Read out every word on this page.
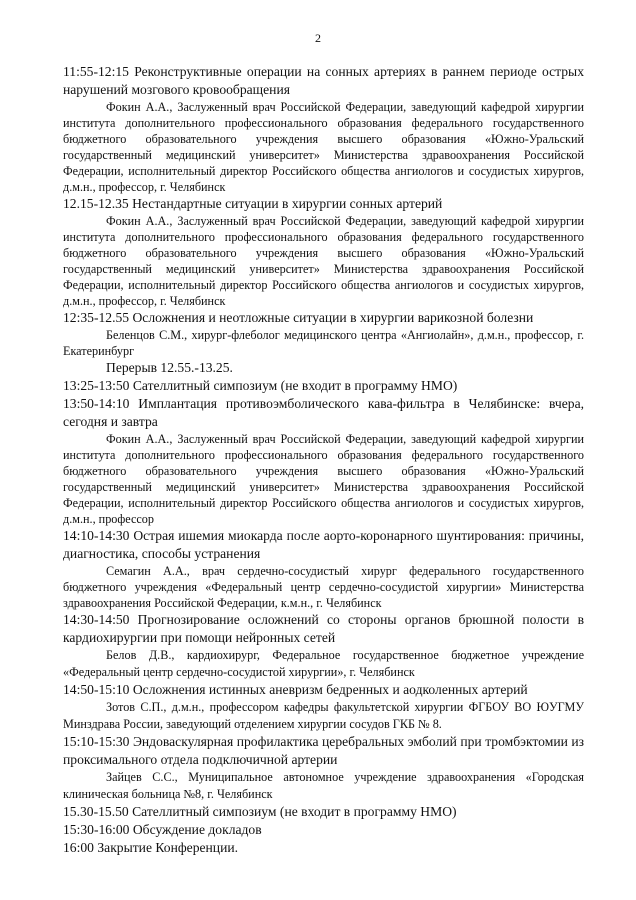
2

11:55-12:15 Реконструктивные операции на сонных артериях в раннем периоде острых нарушений мозгового кровообращения

Фокин А.А., Заслуженный врач Российской Федерации, заведующий кафедрой хирургии института дополнительного профессионального образования федерального государственного бюджетного образовательного учреждения высшего образования «Южно-Уральский государственный медицинский университет» Министерства здравоохранения Российской Федерации, исполнительный директор Российского общества ангиологов и сосудистых хирургов, д.м.н., профессор, г. Челябинск

12.15-12.35 Нестандартные ситуации в хирургии сонных артерий

Фокин А.А., Заслуженный врач Российской Федерации, заведующий кафедрой хирургии института дополнительного профессионального образования федерального государственного бюджетного образовательного учреждения высшего образования «Южно-Уральский государственный медицинский университет» Министерства здравоохранения Российской Федерации, исполнительный директор Российского общества ангиологов и сосудистых хирургов, д.м.н., профессор, г. Челябинск

12:35-12.55 Осложнения и неотложные ситуации в хирургии варикозной болезни

Беленцов С.М., хирург-флеболог медицинского центра «Ангиолайн», д.м.н., профессор, г. Екатеринбург

Перерыв 12.55.-13.25.

13:25-13:50 Сателлитный симпозиум (не входит в программу НМО)

13:50-14:10 Имплантация противоэмболического кава-фильтра в Челябинске: вчера, сегодня и завтра

Фокин А.А., Заслуженный врач Российской Федерации, заведующий кафедрой хирургии института дополнительного профессионального образования федерального государственного бюджетного образовательного учреждения высшего образования «Южно-Уральский государственный медицинский университет» Министерства здравоохранения Российской Федерации, исполнительный директор Российского общества ангиологов и сосудистых хирургов, д.м.н., профессор

14:10-14:30 Острая ишемия миокарда после аорто-коронарного шунтирования: причины, диагностика, способы устранения

Семагин А.А., врач сердечно-сосудистый хирург федерального государственного бюджетного учреждения «Федеральный центр сердечно-сосудистой хирургии» Министерства здравоохранения Российской Федерации, к.м.н., г. Челябинск

14:30-14:50 Прогнозирование осложнений со стороны органов брюшной полости в кардиохирургии при помощи нейронных сетей

Белов Д.В., кардиохирург, Федеральное государственное бюджетное учреждение «Федеральный центр сердечно-сосудистой хирургии», г. Челябинск

14:50-15:10 Осложнения истинных аневризм бедренных и аодколенных артерий

Зотов С.П., д.м.н., профессором кафедры факультетской хирургии ФГБОУ ВО ЮУГМУ Минздрава России, заведующий отделением хирургии сосудов ГКБ № 8.

15:10-15:30 Эндоваскулярная профилактика церебральных эмболий при тромбэктомии из проксимального отдела подключичной артерии

Зайцев С.С., Муниципальное автономное учреждение здравоохранения «Городская клиническая больница №8, г. Челябинск

15.30-15.50 Сателлитный симпозиум (не входит в программу НМО)

15:30-16:00 Обсуждение докладов

16:00 Закрытие Конференции.
